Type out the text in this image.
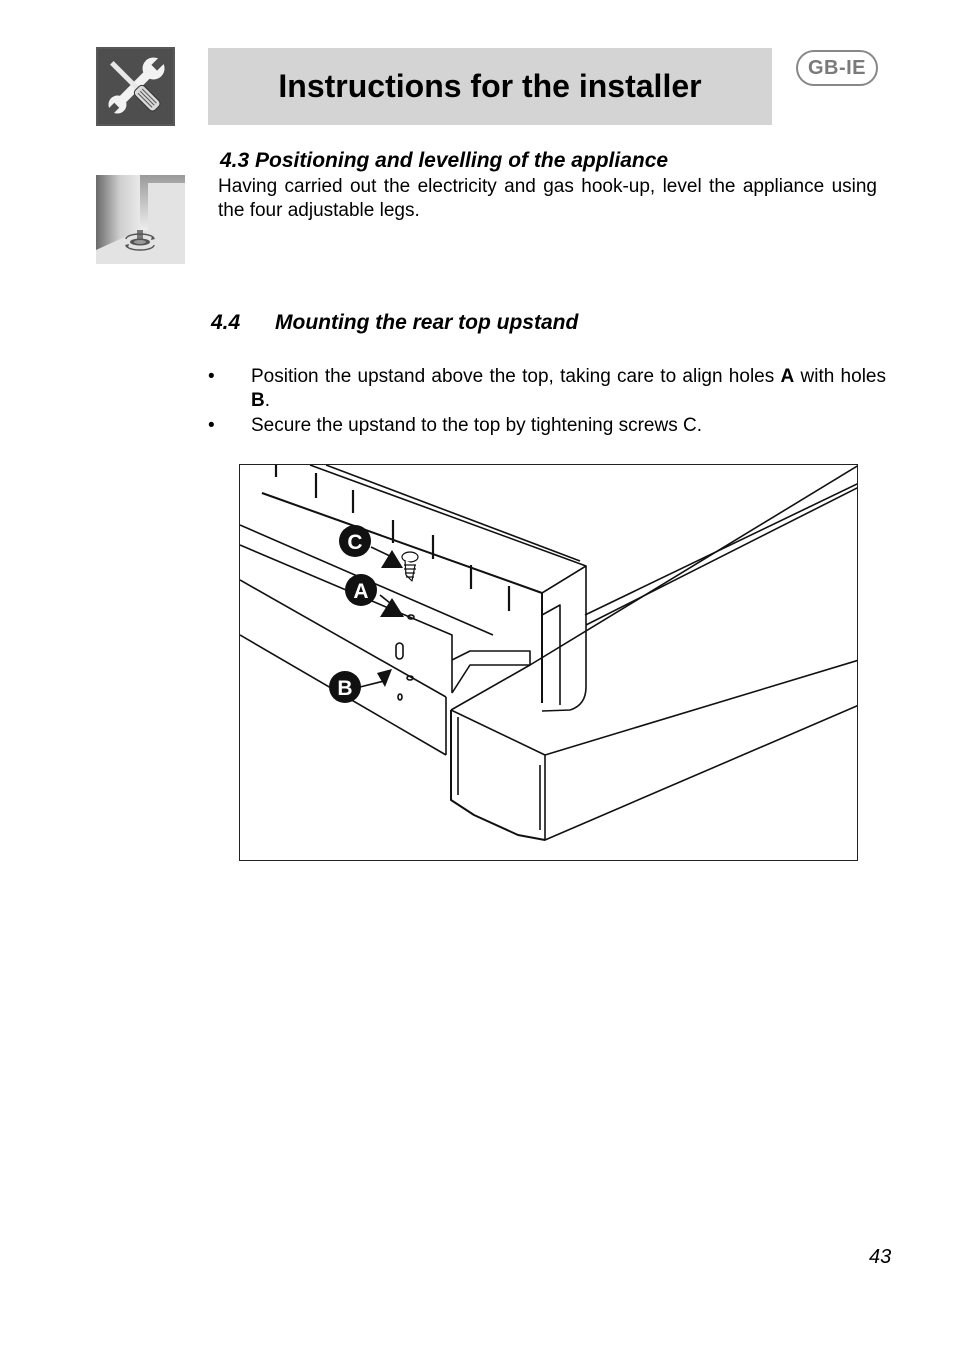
Instructions for the installer
GB-IE
4.3 Positioning and levelling of the appliance
Having carried out the electricity and gas hook-up, level the appliance using the four adjustable legs.
4.4 Mounting the rear top upstand
•	Position the upstand above the top, taking care to align holes A with holes B.
•	Secure the upstand to the top by tightening screws C.
C
A
B
43
